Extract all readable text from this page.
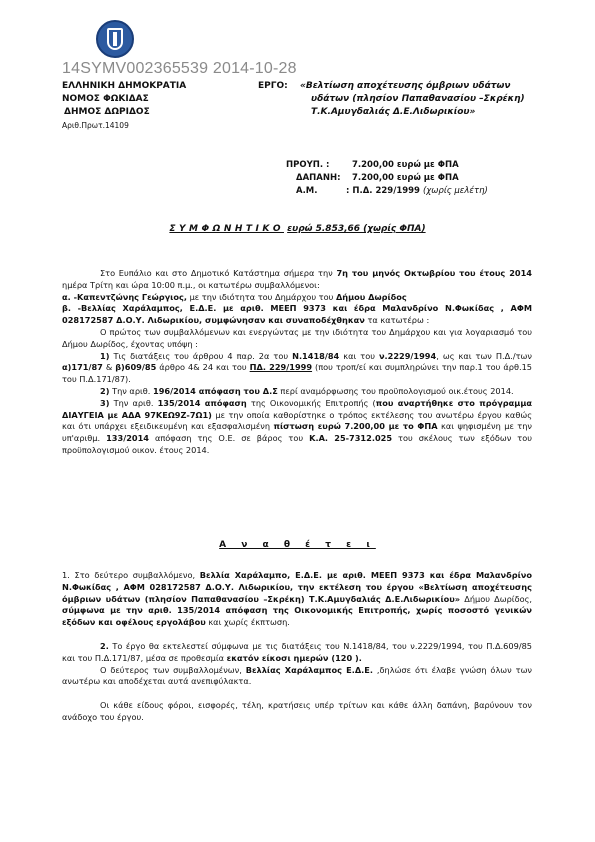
14SYMV002365539 2014-10-28
ΕΛΛΗΝΙΚΗ ΔΗΜΟΚΡΑΤΙΑ
ΝΟΜΟΣ ΦΩΚΙΔΑΣ
ΔΗΜΟΣ ΔΩΡΙΔΟΣ
Αριθ.Πρωτ.14109
ΕΡΓΟ: «Βελτίωση αποχέτευσης όμβριων υδάτων
υδάτων (πλησίον Παπαθανασίου –Σκρέκη)
Τ.Κ.Αμυγδαλιάς Δ.Ε.Λιδωρικίου»
ΠΡΟΥΠ. :	7.200,00 ευρώ με ΦΠΑ
ΔΑΠΑΝΗ: 7.200,00 ευρώ με ΦΠΑ
Α.Μ.	: Π.Δ. 229/1999 (χωρίς μελέτη)
ΣΥΜΦΩΝΗΤΙΚΟ ευρώ 5.853,66 (χωρίς ΦΠΑ)

Στο Ευπάλιο και στο Δημοτικό Κατάστημα σήμερα την 7η του μηνός Οκτωβρίου του έτους 2014 ημέρα Τρίτη και ώρα 10:00 π.μ., οι κατωτέρω συμβαλλόμενοι:

α. -Καπεντζώνης Γεώργιος, με την ιδιότητα του Δημάρχου του Δήμου Δωρίδος

β. -Βελλίας Χαράλαμπος, Ε.Δ.Ε. με αριθ. ΜΕΕΠ 9373 και έδρα Μαλανδρίνο Ν.Φωκίδας , ΑΦΜ 028172587 Δ.Ο.Υ. Λιδωρικίου, συμφώνησαν και συναποδέχθηκαν τα κατωτέρω :

Ο πρώτος των συμβαλλόμενων και ενεργώντας με την ιδιότητα του Δημάρχου και για λογαριασμό του Δήμου Δωρίδος, έχοντας υπόψη :

1) Τις διατάξεις του άρθρου 4 παρ. 2α του Ν.1418/84 και του ν.2229/1994, ως και των Π.Δ./των α)171/87 & β)609/85 άρθρο 4& 24 και του ΠΔ. 229/1999 (που τροπ/εί και συμπληρώνει την παρ.1 του άρθ.15 του Π.Δ.171/87).

2) Την αριθ. 196/2014 απόφαση του Δ.Σ περί αναμόρφωσης του προϋπολογισμού οικ.έτους 2014.

3) Την αριθ. 135/2014 απόφαση της Οικονομικής Επιτροπής (που αναρτήθηκε στο πρόγραμμα ΔΙΑΥΓΕΙΑ με ΑΔΑ 97ΚΕΩ9Ζ-7Ω1) με την οποία καθορίστηκε ο τρόπος εκτέλεσης του ανωτέρω έργου καθώς και ότι υπάρχει εξειδικευμένη και εξασφαλισμένη πίστωση ευρώ 7.200,00 με το ΦΠΑ και ψηφισμένη με την υπ'αριθμ. 133/2014 απόφαση της Ο.Ε. σε βάρος του Κ.Α. 25-7312.025 του σκέλους των εξόδων του προϋπολογισμού οικον. έτους 2014.

Α ν α θ έ τ ε ι

1. Στο δεύτερο συμβαλλόμενο, Βελλία Χαράλαμπο, Ε.Δ.Ε. με αριθ. ΜΕΕΠ 9373 και έδρα Μαλανδρίνο Ν.Φωκίδας , ΑΦΜ 028172587 Δ.Ο.Υ. Λιδωρικίου, την εκτέλεση του έργου «Βελτίωση αποχέτευσης όμβριων υδάτων (πλησίον Παπαθανασίου –Σκρέκη) Τ.Κ.Αμυγδαλιάς Δ.Ε.Λιδωρικίου» Δήμου Δωρίδος, σύμφωνα με την αριθ. 135/2014 απόφαση της Οικονομικής Επιτροπής, χωρίς ποσοστό γενικών εξόδων και οφέλους εργολάβου και χωρίς έκπτωση.

2. Το έργο θα εκτελεστεί σύμφωνα με τις διατάξεις του Ν.1418/84, του ν.2229/1994, του Π.Δ.609/85 και του Π.Δ.171/87, μέσα σε προθεσμία εκατόν είκοσι ημερών (120 ).

Ο δεύτερος των συμβαλλομένων, Βελλίας Χαράλαμπος Ε.Δ.Ε. ,δηλώσε ότι έλαβε γνώση όλων των ανωτέρω και αποδέχεται αυτά ανεπιφύλακτα.

Οι κάθε είδους φόροι, εισφορές, τέλη, κρατήσεις υπέρ τρίτων και κάθε άλλη δαπάνη, βαρύνουν τον ανάδοχο του έργου.
